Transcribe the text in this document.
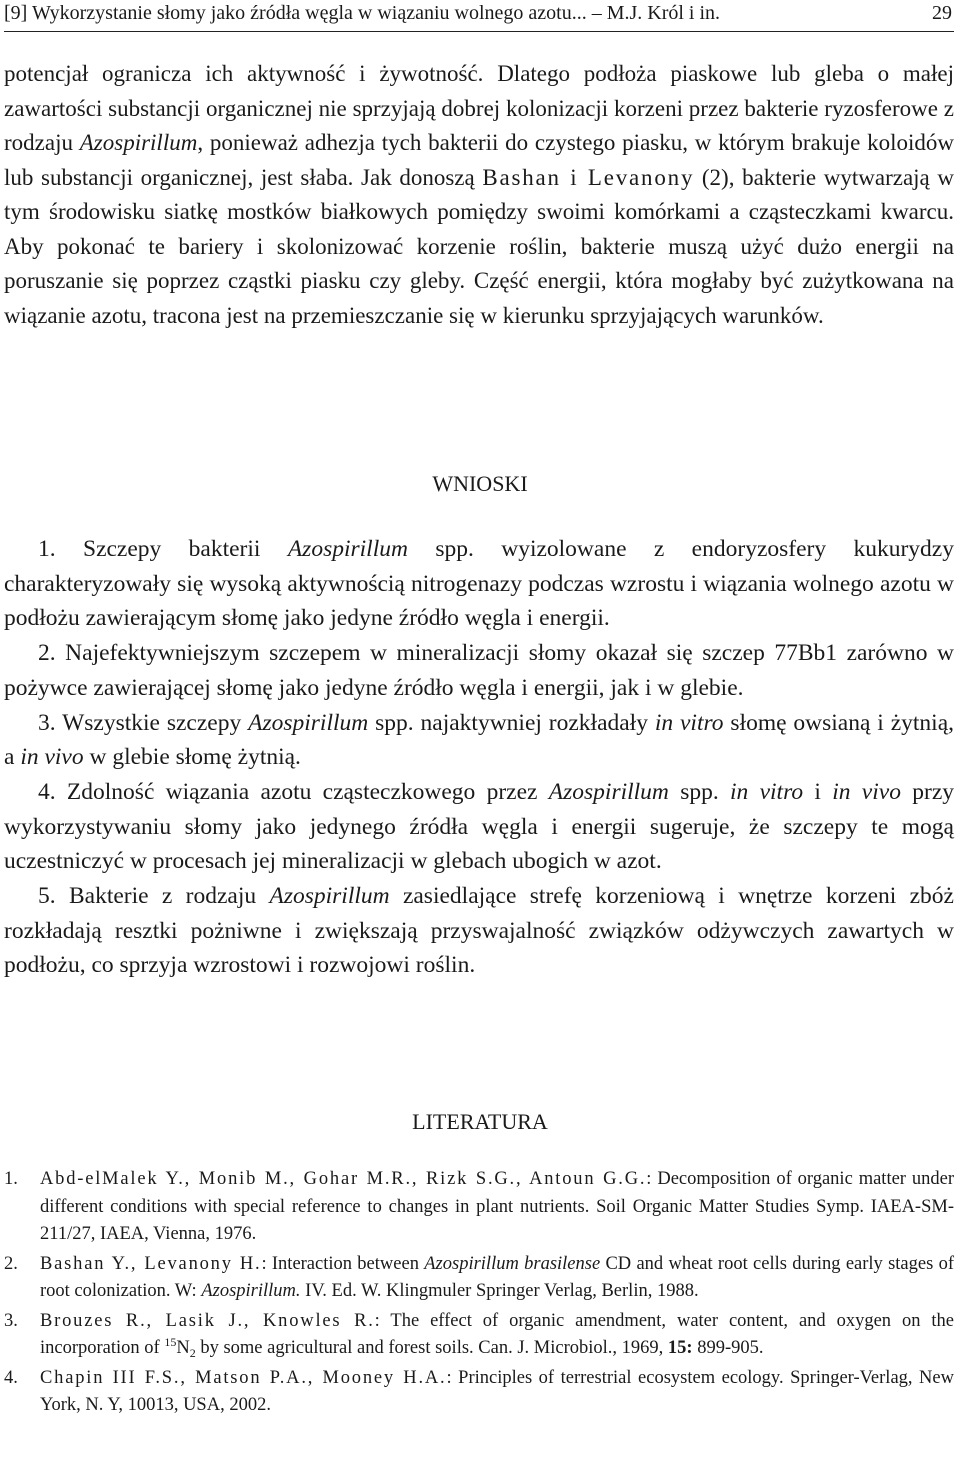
[9] Wykorzystanie słomy jako źródła węgla w wiązaniu wolnego azotu... – M.J. Król i in.	29

potencjał ogranicza ich aktywność i żywotność. Dlatego podłoża piaskowe lub gleba o małej zawartości substancji organicznej nie sprzyjają dobrej kolonizacji korzeni przez bakterie ryzosferowe z rodzaju Azospirillum, ponieważ adhezja tych bakterii do czystego piasku, w którym brakuje koloidów lub substancji organicznej, jest słaba. Jak donoszą Bashan i Levanony (2), bakterie wytwarzają w tym środowisku siatkę mostków białkowych pomiędzy swoimi komórkami a cząsteczkami kwarcu. Aby pokonać te bariery i skolonizować korzenie roślin, bakterie muszą użyć dużo energii na poruszanie się poprzez cząstki piasku czy gleby. Część energii, która mogłaby być zużytkowana na wiązanie azotu, tracona jest na przemieszczanie się w kierunku sprzyjających warunków.

WNIOSKI

1. Szczepy bakterii Azospirillum spp. wyizolowane z endoryzosfery kukurydzy charakteryzowały się wysoką aktywnością nitrogenazy podczas wzrostu i wiązania wolnego azotu w podłożu zawierającym słomę jako jedyne źródło węgla i energii.

2. Najefektywniejszym szczepem w mineralizacji słomy okazał się szczep 77Bb1 zarówno w pożywce zawierającej słomę jako jedyne źródło węgla i energii, jak i w glebie.

3. Wszystkie szczepy Azospirillum spp. najaktywniej rozkładały in vitro słomę owsianą i żytnią, a in vivo w glebie słomę żytnią.

4. Zdolność wiązania azotu cząsteczkowego przez Azospirillum spp. in vitro i in vivo przy wykorzystywaniu słomy jako jedynego źródła węgla i energii sugeruje, że szczepy te mogą uczestniczyć w procesach jej mineralizacji w glebach ubogich w azot.

5. Bakterie z rodzaju Azospirillum zasiedlające strefę korzeniową i wnętrze korzeni zbóż rozkładają resztki pożniwne i zwiększają przyswajalność związków odżywczych zawartych w podłożu, co sprzyja wzrostowi i rozwojowi roślin.

LITERATURA
1. Abd-elMalek Y., Monib M., Gohar M.R., Rizk S.G., Antoun G.G.: Decomposition of organic matter under different conditions with special reference to changes in plant nutrients. Soil Organic Matter Studies Symp. IAEA-SM-211/27, IAEA, Vienna, 1976.
2. Bashan Y., Levanony H.: Interaction between Azospirillum brasilense CD and wheat root cells during early stages of root colonization. W: Azospirillum. IV. Ed. W. Klingmuler Springer Verlag, Berlin, 1988.
3. Brouzes R., Lasik J., Knowles R.: The effect of organic amendment, water content, and oxygen on the incorporation of $^{15}N_2$ by some agricultural and forest soils. Can. J. Microbiol., 1969, 15: 899-905.
4. Chapin III F.S., Matson P.A., Mooney H.A.: Principles of terrestrial ecosystem ecology. Springer-Verlag, New York, N. Y, 10013, USA, 2002.
